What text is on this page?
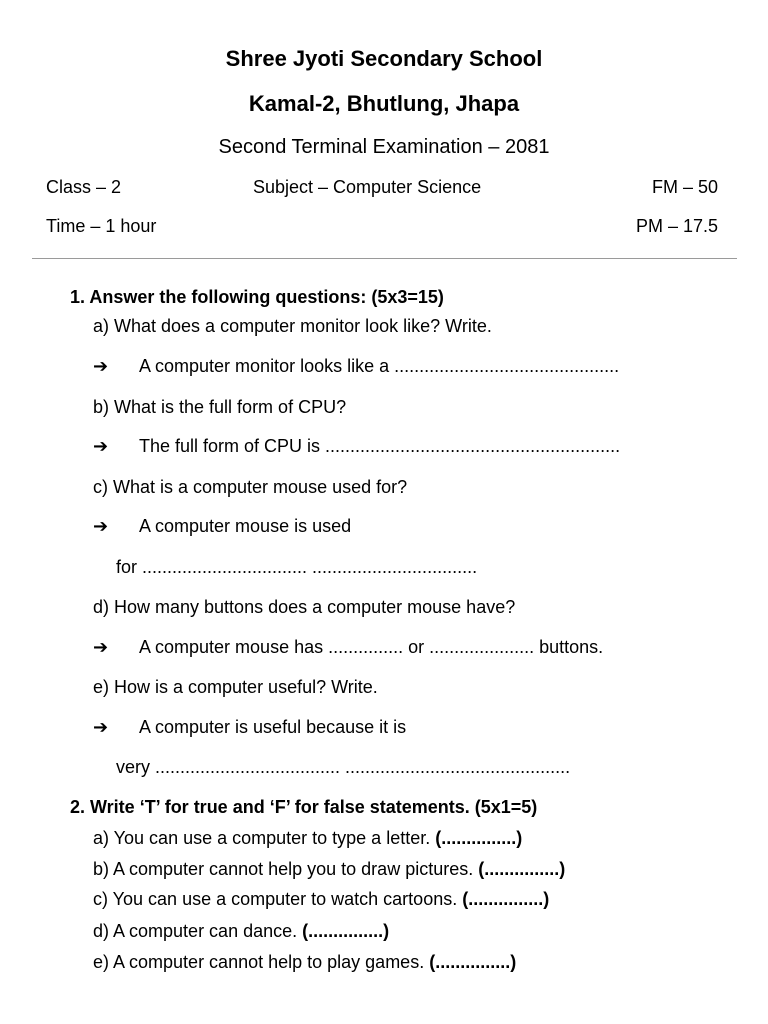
Shree Jyoti Secondary School
Kamal-2, Bhutlung, Jhapa
Second Terminal Examination – 2081
Class – 2	Subject – Computer Science	FM – 50
Time – 1 hour	PM – 17.5
1. Answer the following questions: (5x3=15)
a) What does a computer monitor look like? Write.
➔ A computer monitor looks like a .............................................
b) What is the full form of CPU?
➔ The full form of CPU is ...........................................................
c) What is a computer mouse used for?
➔ A computer mouse is used
for ................................. .................................
d) How many buttons does a computer mouse have?
➔ A computer mouse has ............... or ..................... buttons.
e) How is a computer useful? Write.
➔ A computer is useful because it is
very ..................................... .............................................
2. Write ‘T’ for true and ‘F’ for false statements. (5x1=5)
a) You can use a computer to type a letter. (...............)
b) A computer cannot help you to draw pictures. (...............)
c) You can use a computer to watch cartoons. (...............)
d) A computer can dance. (...............)
e) A computer cannot help to play games. (...............)
